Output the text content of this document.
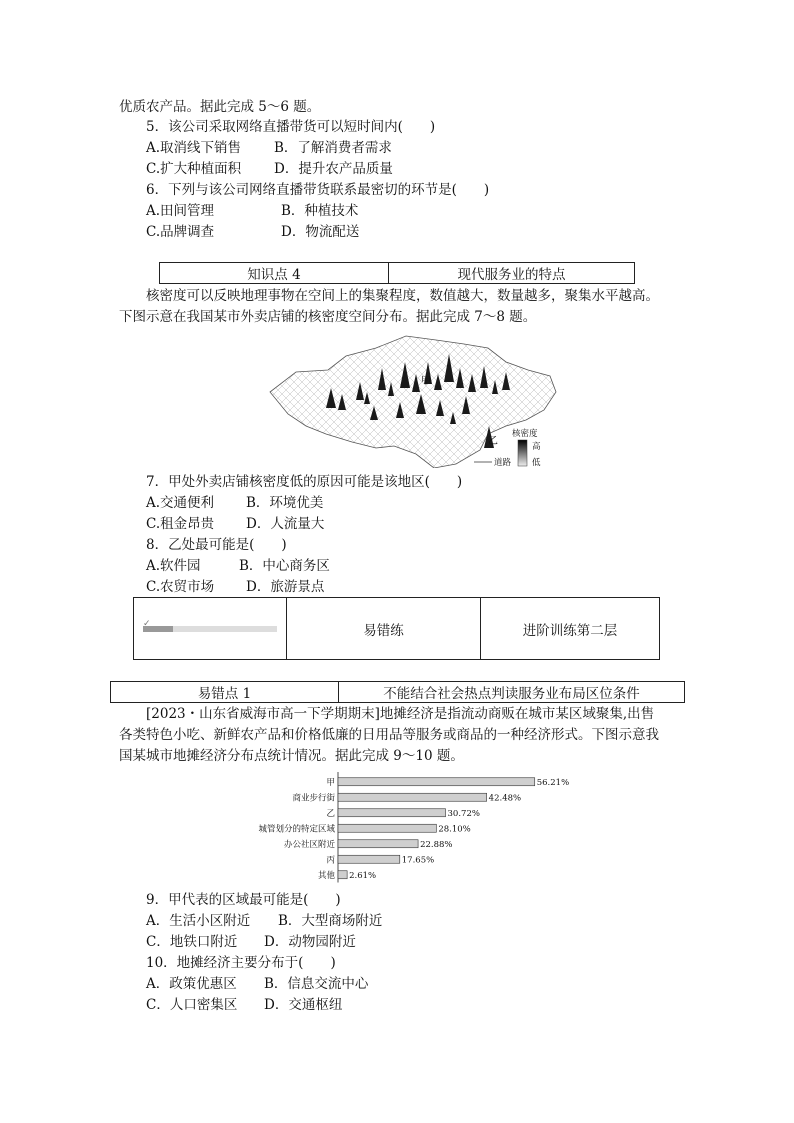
优质农产品。据此完成 5～6 题。
5．该公司采取网络直播带货可以短时间内(　　)
A.取消线下销售 B．了解消费者需求
C.扩大种植面积 D．提升农产品质量
6．下列与该公司网络直播带货联系最密切的环节是(　　)
A.田间管理	B．种植技术
C.品牌调查	D．物流配送
知识点 4	现代服务业的特点
核密度可以反映地理事物在空间上的集聚程度，数值越大，数量越多，聚集水平越高。
下图示意在我国某市外卖店铺的核密度空间分布。据此完成 7～8 题。
甲
乙
核密度
高
低
道路
7．甲处外卖店铺核密度低的原因可能是该地区(　　)
A.交通便利 B．环境优美
C.租金昂贵 D．人流量大
8．乙处最可能是(　　)
A.软件园	B．中心商务区
C.农贸市场 D．旅游景点
✓	易错练	进阶训练第二层
易错点 1	不能结合社会热点判读服务业布局区位条件
[2023・山东省威海市高一下学期期末]地摊经济是指流动商贩在城市某区域聚集,出售
各类特色小吃、新鲜农产品和价格低廉的日用品等服务或商品的一种经济形式。下图示意我
国某城市地摊经济分布点统计情况。据此完成 9～10 题。
甲	56.21%
商业步行街	42.48%
乙	30.72%
城管划分的特定区域	28.10%
办公社区附近	22.88%
丙	17.65%
其他 2.61%
9．甲代表的区域最可能是(　　)
A．生活小区附近 B．大型商场附近
C．地铁口附近 D．动物园附近
10．地摊经济主要分布于(　　)
A．政策优惠区 B．信息交流中心
C．人口密集区 D．交通枢纽
